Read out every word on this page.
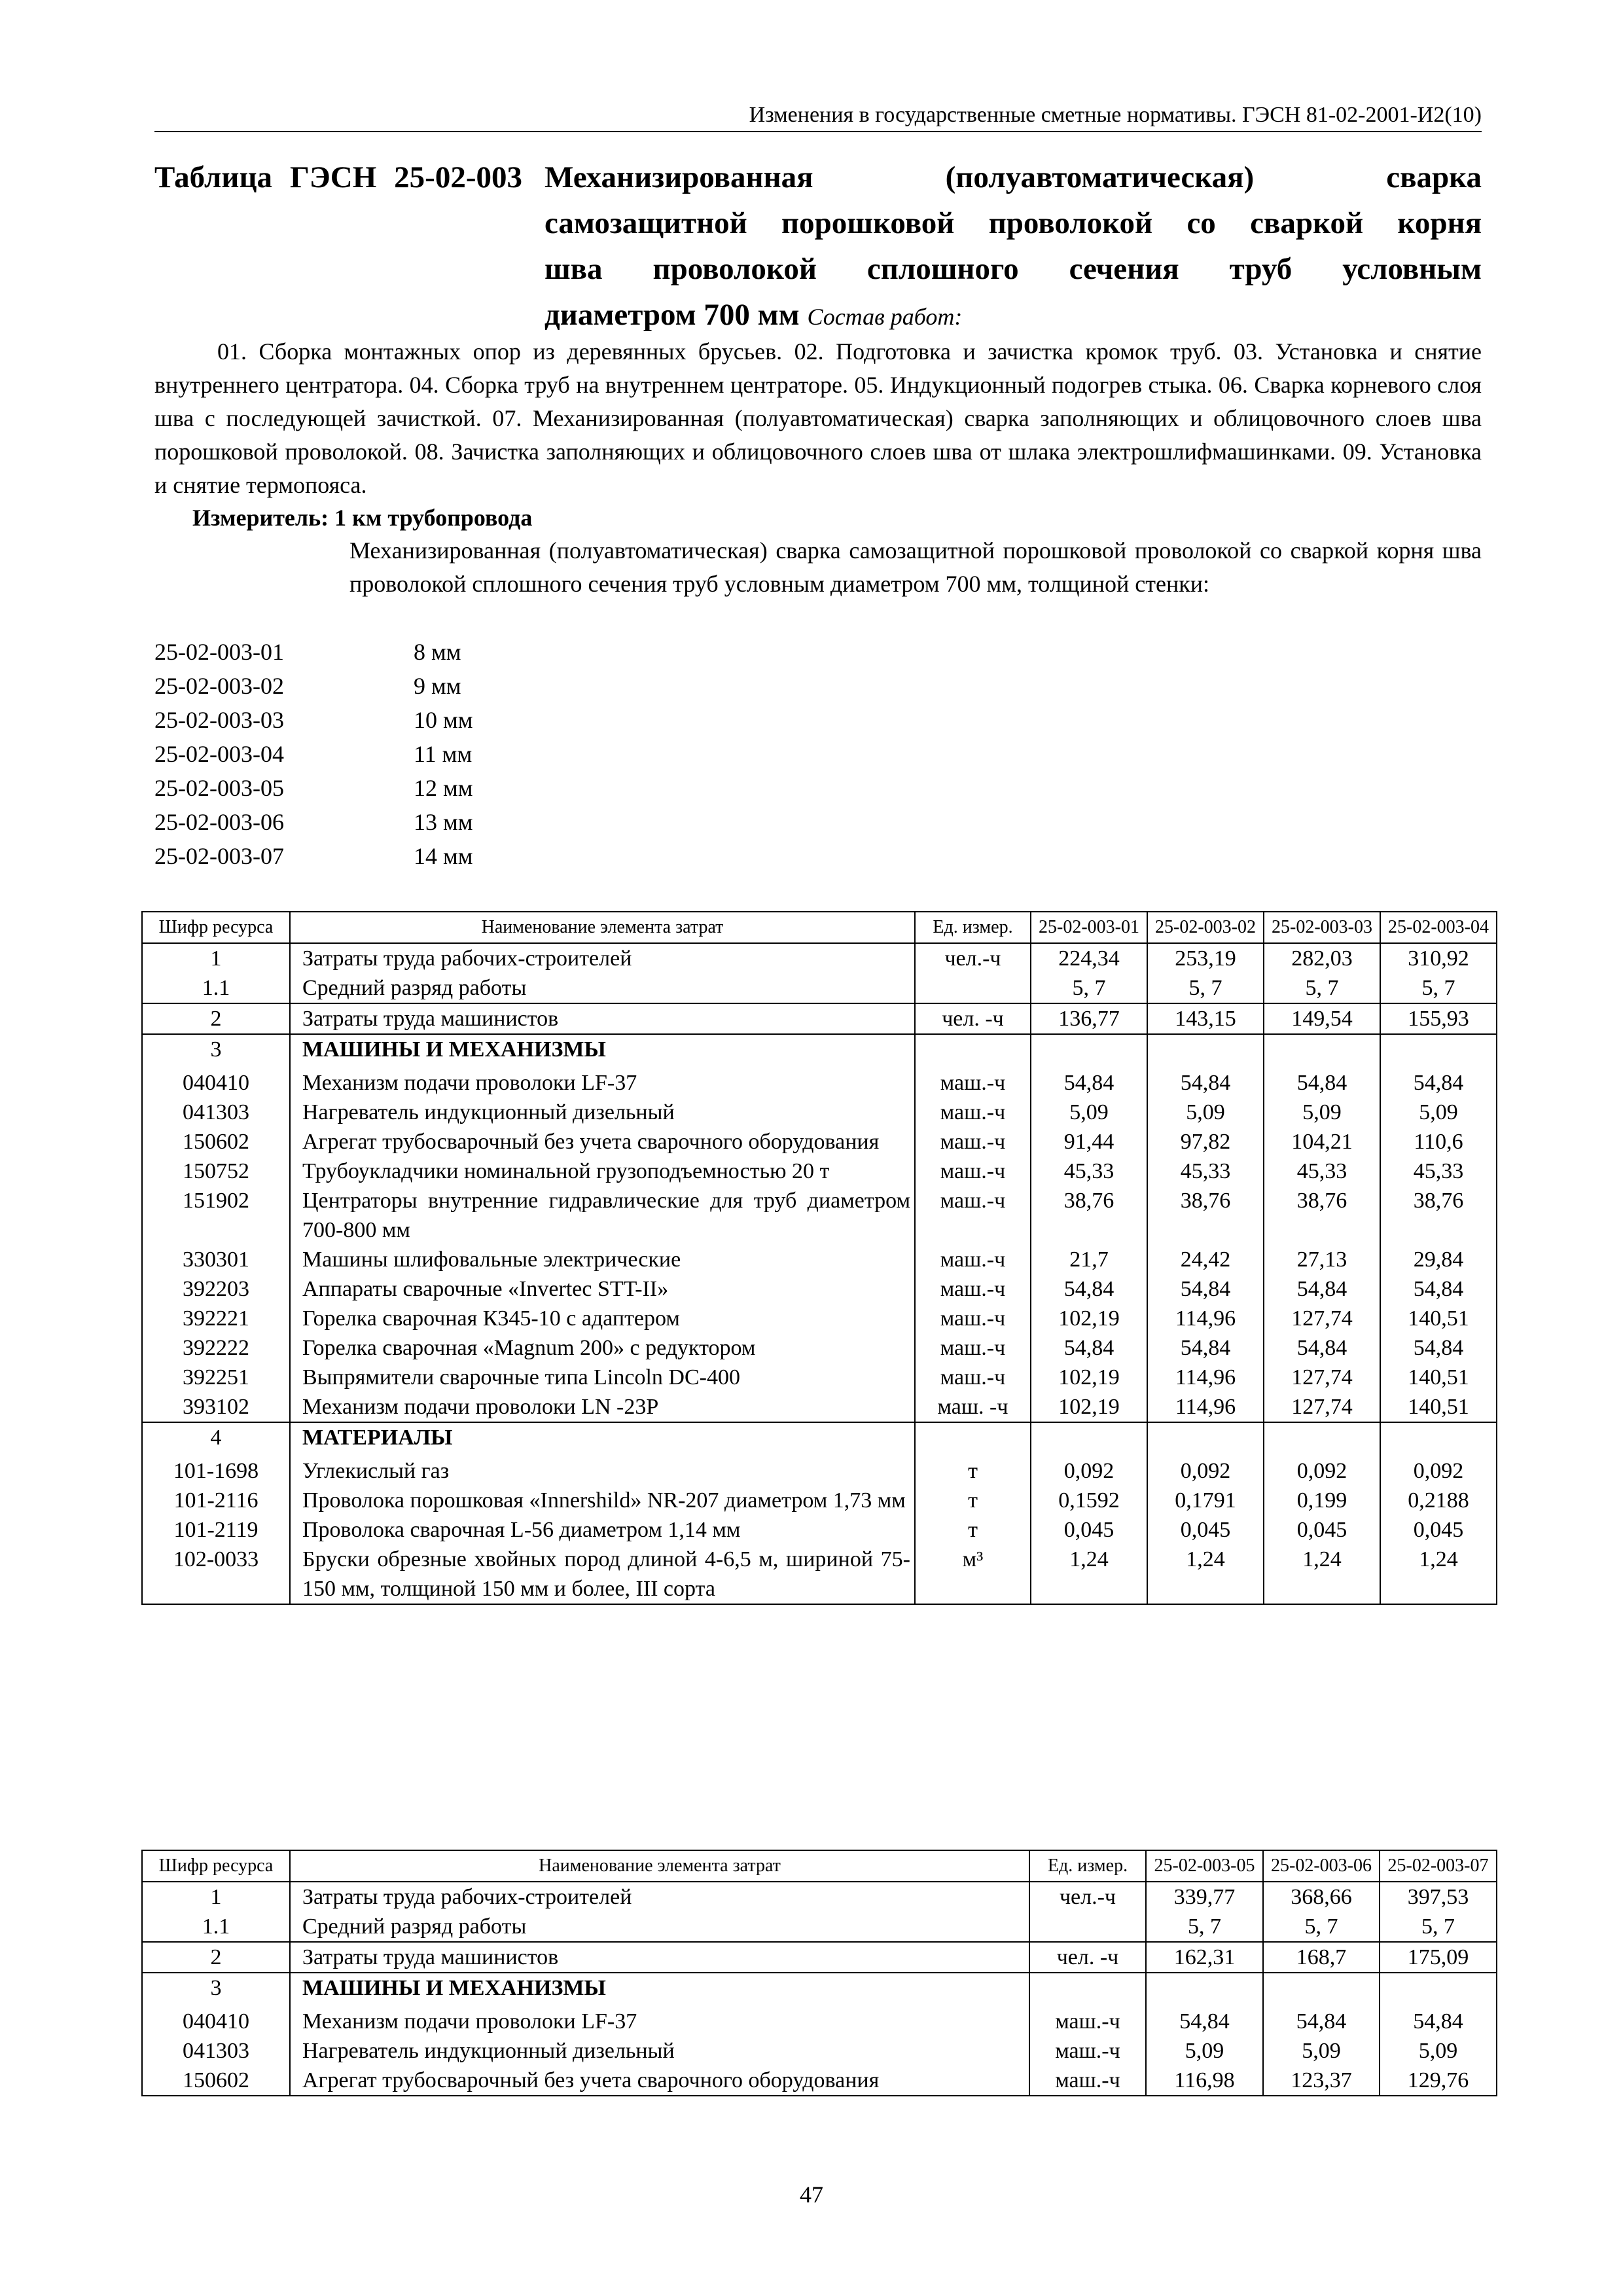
Изменения в государственные сметные нормативы. ГЭСН 81-02-2001-И2(10)
Таблица ГЭСН 25-02-003 Механизированная (полуавтоматическая) сварка
самозащитной порошковой проволокой со сваркой корня
шва проволокой сплошного сечения труб условным
диаметром 700 мм Состав работ:
01. Сборка монтажных опор из деревянных брусьев. 02. Подготовка и зачистка кромок труб. 03. Установка и снятие внутреннего центратора. 04. Сборка труб на внутреннем центраторе. 05. Индукционный подогрев стыка. 06. Сварка корневого слоя шва с последующей зачисткой. 07. Механизированная (полуавтоматическая) сварка заполняющих и облицовочного слоев шва порошковой проволокой. 08. Зачистка заполняющих и облицовочного слоев шва от шлака электрошлифмашинками. 09. Установка и снятие термопояса.
Измеритель: 1 км трубопровода
Механизированная (полуавтоматическая) сварка самозащитной порошковой проволокой со сваркой корня шва проволокой сплошного сечения труб условным диаметром 700 мм, толщиной стенки:
25-02-003-01	8 мм
25-02-003-02	9 мм
25-02-003-03	10 мм
25-02-003-04	11 мм
25-02-003-05	12 мм
25-02-003-06	13 мм
25-02-003-07	14 мм
Шифр ресурса	Наименование элемента затрат	Ед. измер.	25-02-003-01	25-02-003-02	25-02-003-03	25-02-003-04
1	Затраты труда рабочих-строителей	чел.-ч	224,34	253,19	282,03	310,92
1.1	Средний разряд работы		5, 7	5, 7	5, 7	5, 7
2	Затраты труда машинистов	чел. -ч	136,77	143,15	149,54	155,93
3	МАШИНЫ И МЕХАНИЗМЫ					
040410	Механизм подачи проволоки LF-37	маш.-ч	54,84	54,84	54,84	54,84
041303	Нагреватель индукционный дизельный	маш.-ч	5,09	5,09	5,09	5,09
150602	Агрегат трубосварочный без учета сварочного оборудования	маш.-ч	91,44	97,82	104,21	110,6
150752	Трубоукладчики номинальной грузоподъемностью 20 т	маш.-ч	45,33	45,33	45,33	45,33
151902	Центраторы внутренние гидравлические для труб диаметром 700-800 мм	маш.-ч	38,76	38,76	38,76	38,76
330301	Машины шлифовальные электрические	маш.-ч	21,7	24,42	27,13	29,84
392203	Аппараты сварочные «Invertec STT-II»	маш.-ч	54,84	54,84	54,84	54,84
392221	Горелка сварочная К345-10 с адаптером	маш.-ч	102,19	114,96	127,74	140,51
392222	Горелка сварочная «Magnum 200» с редуктором	маш.-ч	54,84	54,84	54,84	54,84
392251	Выпрямители сварочные типа Lincoln DC-400	маш.-ч	102,19	114,96	127,74	140,51
393102	Механизм подачи проволоки LN -23P	маш. -ч	102,19	114,96	127,74	140,51
4	МАТЕРИАЛЫ					
101-1698	Углекислый газ	т	0,092	0,092	0,092	0,092
101-2116	Проволока порошковая «Innershild» NR-207 диаметром 1,73 мм	т	0,1592	0,1791	0,199	0,2188
101-2119	Проволока сварочная L-56 диаметром 1,14 мм	т	0,045	0,045	0,045	0,045
102-0033	Бруски обрезные хвойных пород длиной 4-6,5 м, шириной 75-150 мм, толщиной 150 мм и более, III сорта	м³	1,24	1,24	1,24	1,24
Шифр ресурса	Наименование элемента затрат	Ед. измер.	25-02-003-05	25-02-003-06	25-02-003-07
1	Затраты труда рабочих-строителей	чел.-ч	339,77	368,66	397,53
1.1	Средний разряд работы		5, 7	5, 7	5, 7
2	Затраты труда машинистов	чел. -ч	162,31	168,7	175,09
3	МАШИНЫ И МЕХАНИЗМЫ				
040410	Механизм подачи проволоки LF-37	маш.-ч	54,84	54,84	54,84
041303	Нагреватель индукционный дизельный	маш.-ч	5,09	5,09	5,09
150602	Агрегат трубосварочный без учета сварочного оборудования	маш.-ч	116,98	123,37	129,76
47
